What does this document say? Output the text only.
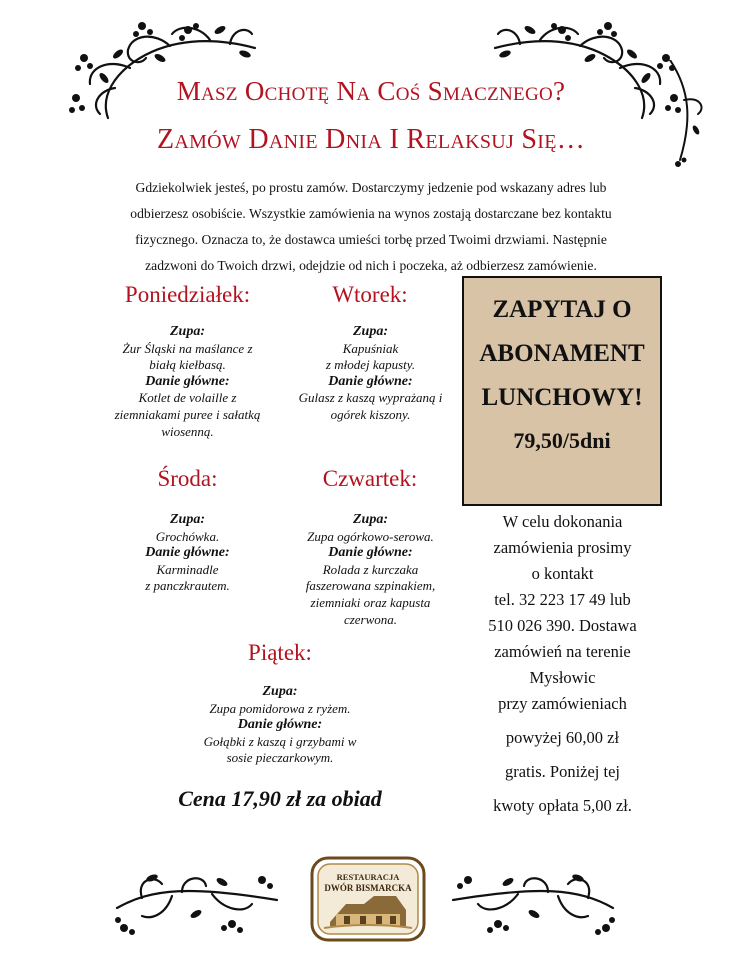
Masz Ochotę Na Coś Smacznego?
Zamów Danie Dnia I Relaksuj Się…

Gdziekolwiek jesteś, po prostu zamów. Dostarczymy jedzenie pod wskazany adres lub

odbierzesz osobiście. Wszystkie zamówienia na wynos zostają dostarczane bez kontaktu

fizycznego. Oznacza to, że dostawca umieści torbę przed Twoimi drzwiami. Następnie

zadzwoni do Twoich drzwi, odejdzie od nich i poczeka, aż odbierzesz zamówienie.

Poniedziałek:
Zupa:
Żur Śląski na maślance z
białą kiełbasą.
Danie główne:
Kotlet de volaille z
ziemniakami puree i sałatką
wiosenną.
Wtorek:
Zupa:
Kapuśniak
z młodej kapusty.
Danie główne:
Gulasz z kaszą wyprażaną i
ogórek kiszony.
Środa:
Zupa:
Grochówka.
Danie główne:
Karminadle
z panczkrautem.
Czwartek:
Zupa:
Zupa ogórkowo-serowa.
Danie główne:
Rolada z kurczaka
faszerowana szpinakiem,
ziemniaki oraz kapusta
czerwona.
Piątek:
Zupa:
Zupa pomidorowa z ryżem.
Danie główne:
Gołąbki z kaszą i grzybami w
sosie pieczarkowym.
Cena 17,90 zł za obiad
ZAPYTAJ O
ABONAMENT
LUNCHOWY!
79,50/5dni
W celu dokonania
zamówienia prosimy
o kontakt
tel. 32 223 17 49 lub
510 026 390. Dostawa
zamówień na terenie
Mysłowic
przy zamówieniach
powyżej 60,00 zł
gratis. Poniżej tej
kwoty opłata 5,00 zł.
RESTAURACJA
DWÓR BISMARCKA
